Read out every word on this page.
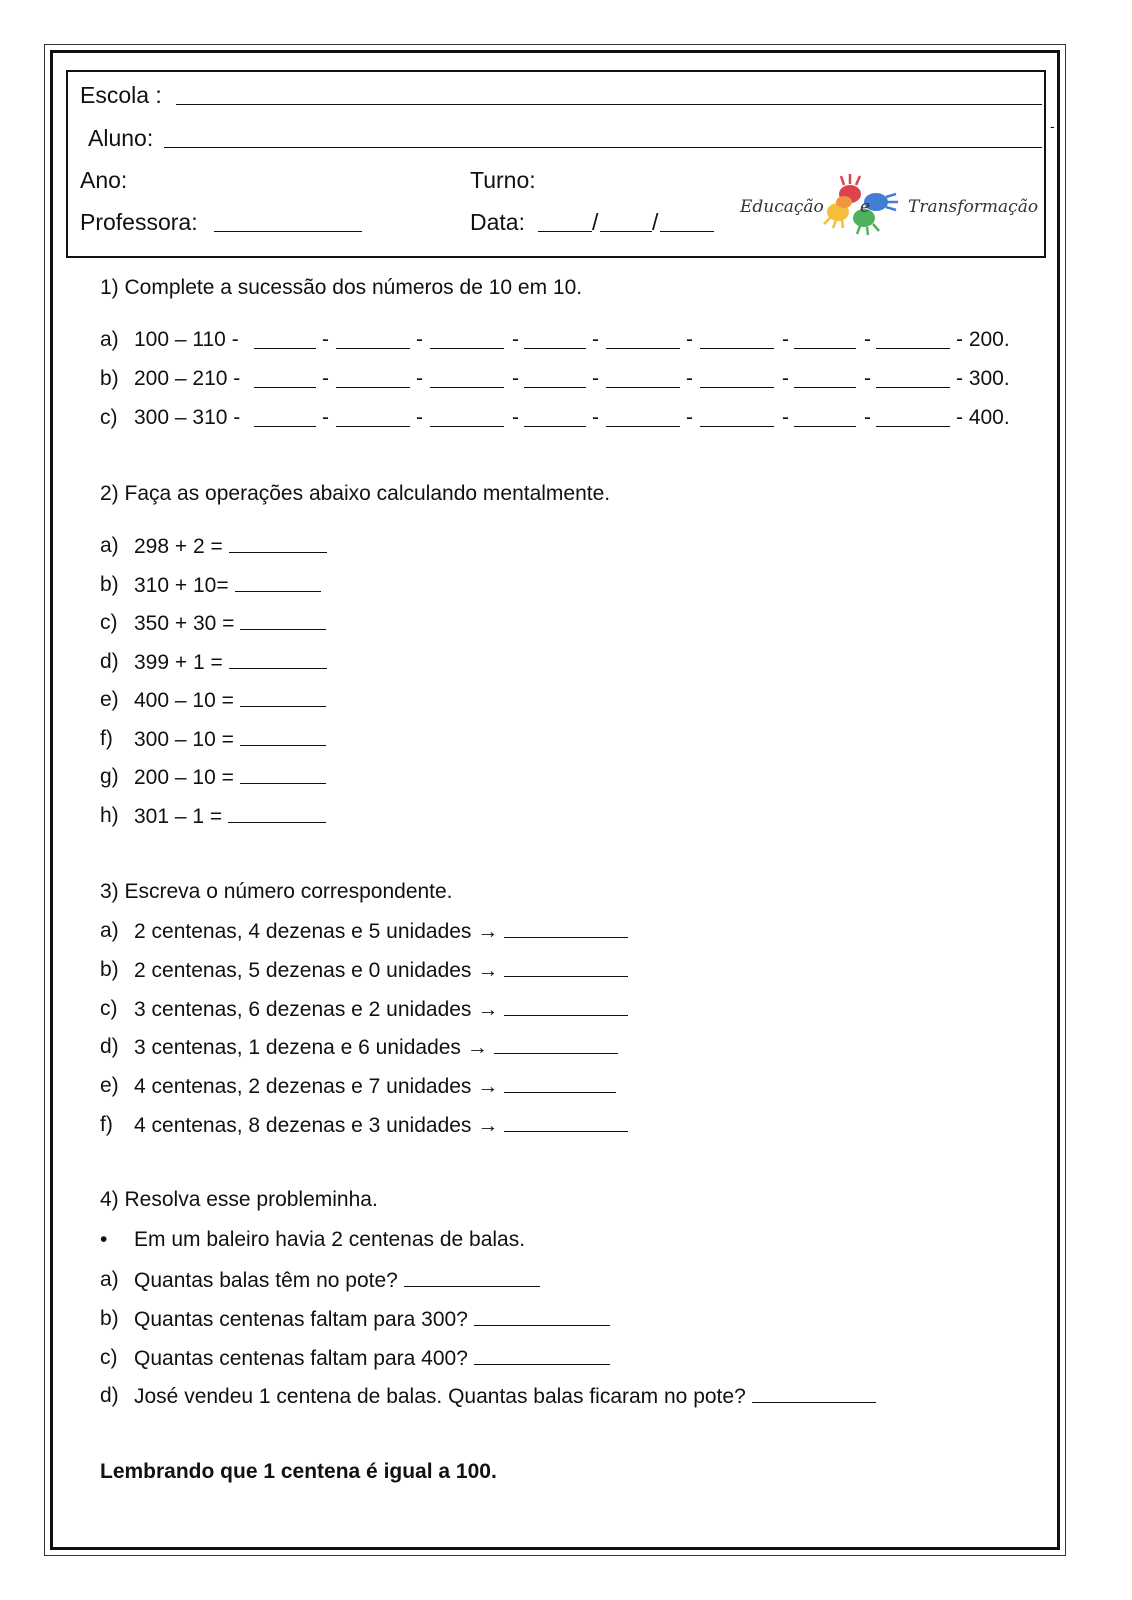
Escola :
Aluno:	-
Ano:	Turno:
Professora:	Data:	/ /
Educação e Transformação
1) Complete a sucessão dos números de 10 em 10.
a) 100 – 110 -	-	-	-	-	-	-	-	- 200.
b) 200 – 210 -	-	-	-	-	-	-	-	- 300.
c) 300 – 310 -	-	-	-	-	-	-	-	- 400.
2) Faça as operações abaixo calculando mentalmente.
a) 298 + 2 =
b) 310 + 10=
c) 350 + 30 =
d) 399 + 1 =
e) 400 – 10 =
f) 300 – 10 =
g) 200 – 10 =
h) 301 – 1 =
3) Escreva o número correspondente.
a) 2 centenas, 4 dezenas e 5 unidades →
b) 2 centenas, 5 dezenas e 0 unidades →
c) 3 centenas, 6 dezenas e 2 unidades →
d) 3 centenas, 1 dezena e 6 unidades →
e) 4 centenas, 2 dezenas e 7 unidades →
f) 4 centenas, 8 dezenas e 3 unidades →
4) Resolva esse probleminha.
• Em um baleiro havia 2 centenas de balas.
a) Quantas balas têm no pote?
b) Quantas centenas faltam para 300?
c) Quantas centenas faltam para 400?
d) José vendeu 1 centena de balas. Quantas balas ficaram no pote?
Lembrando que 1 centena é igual a 100.
